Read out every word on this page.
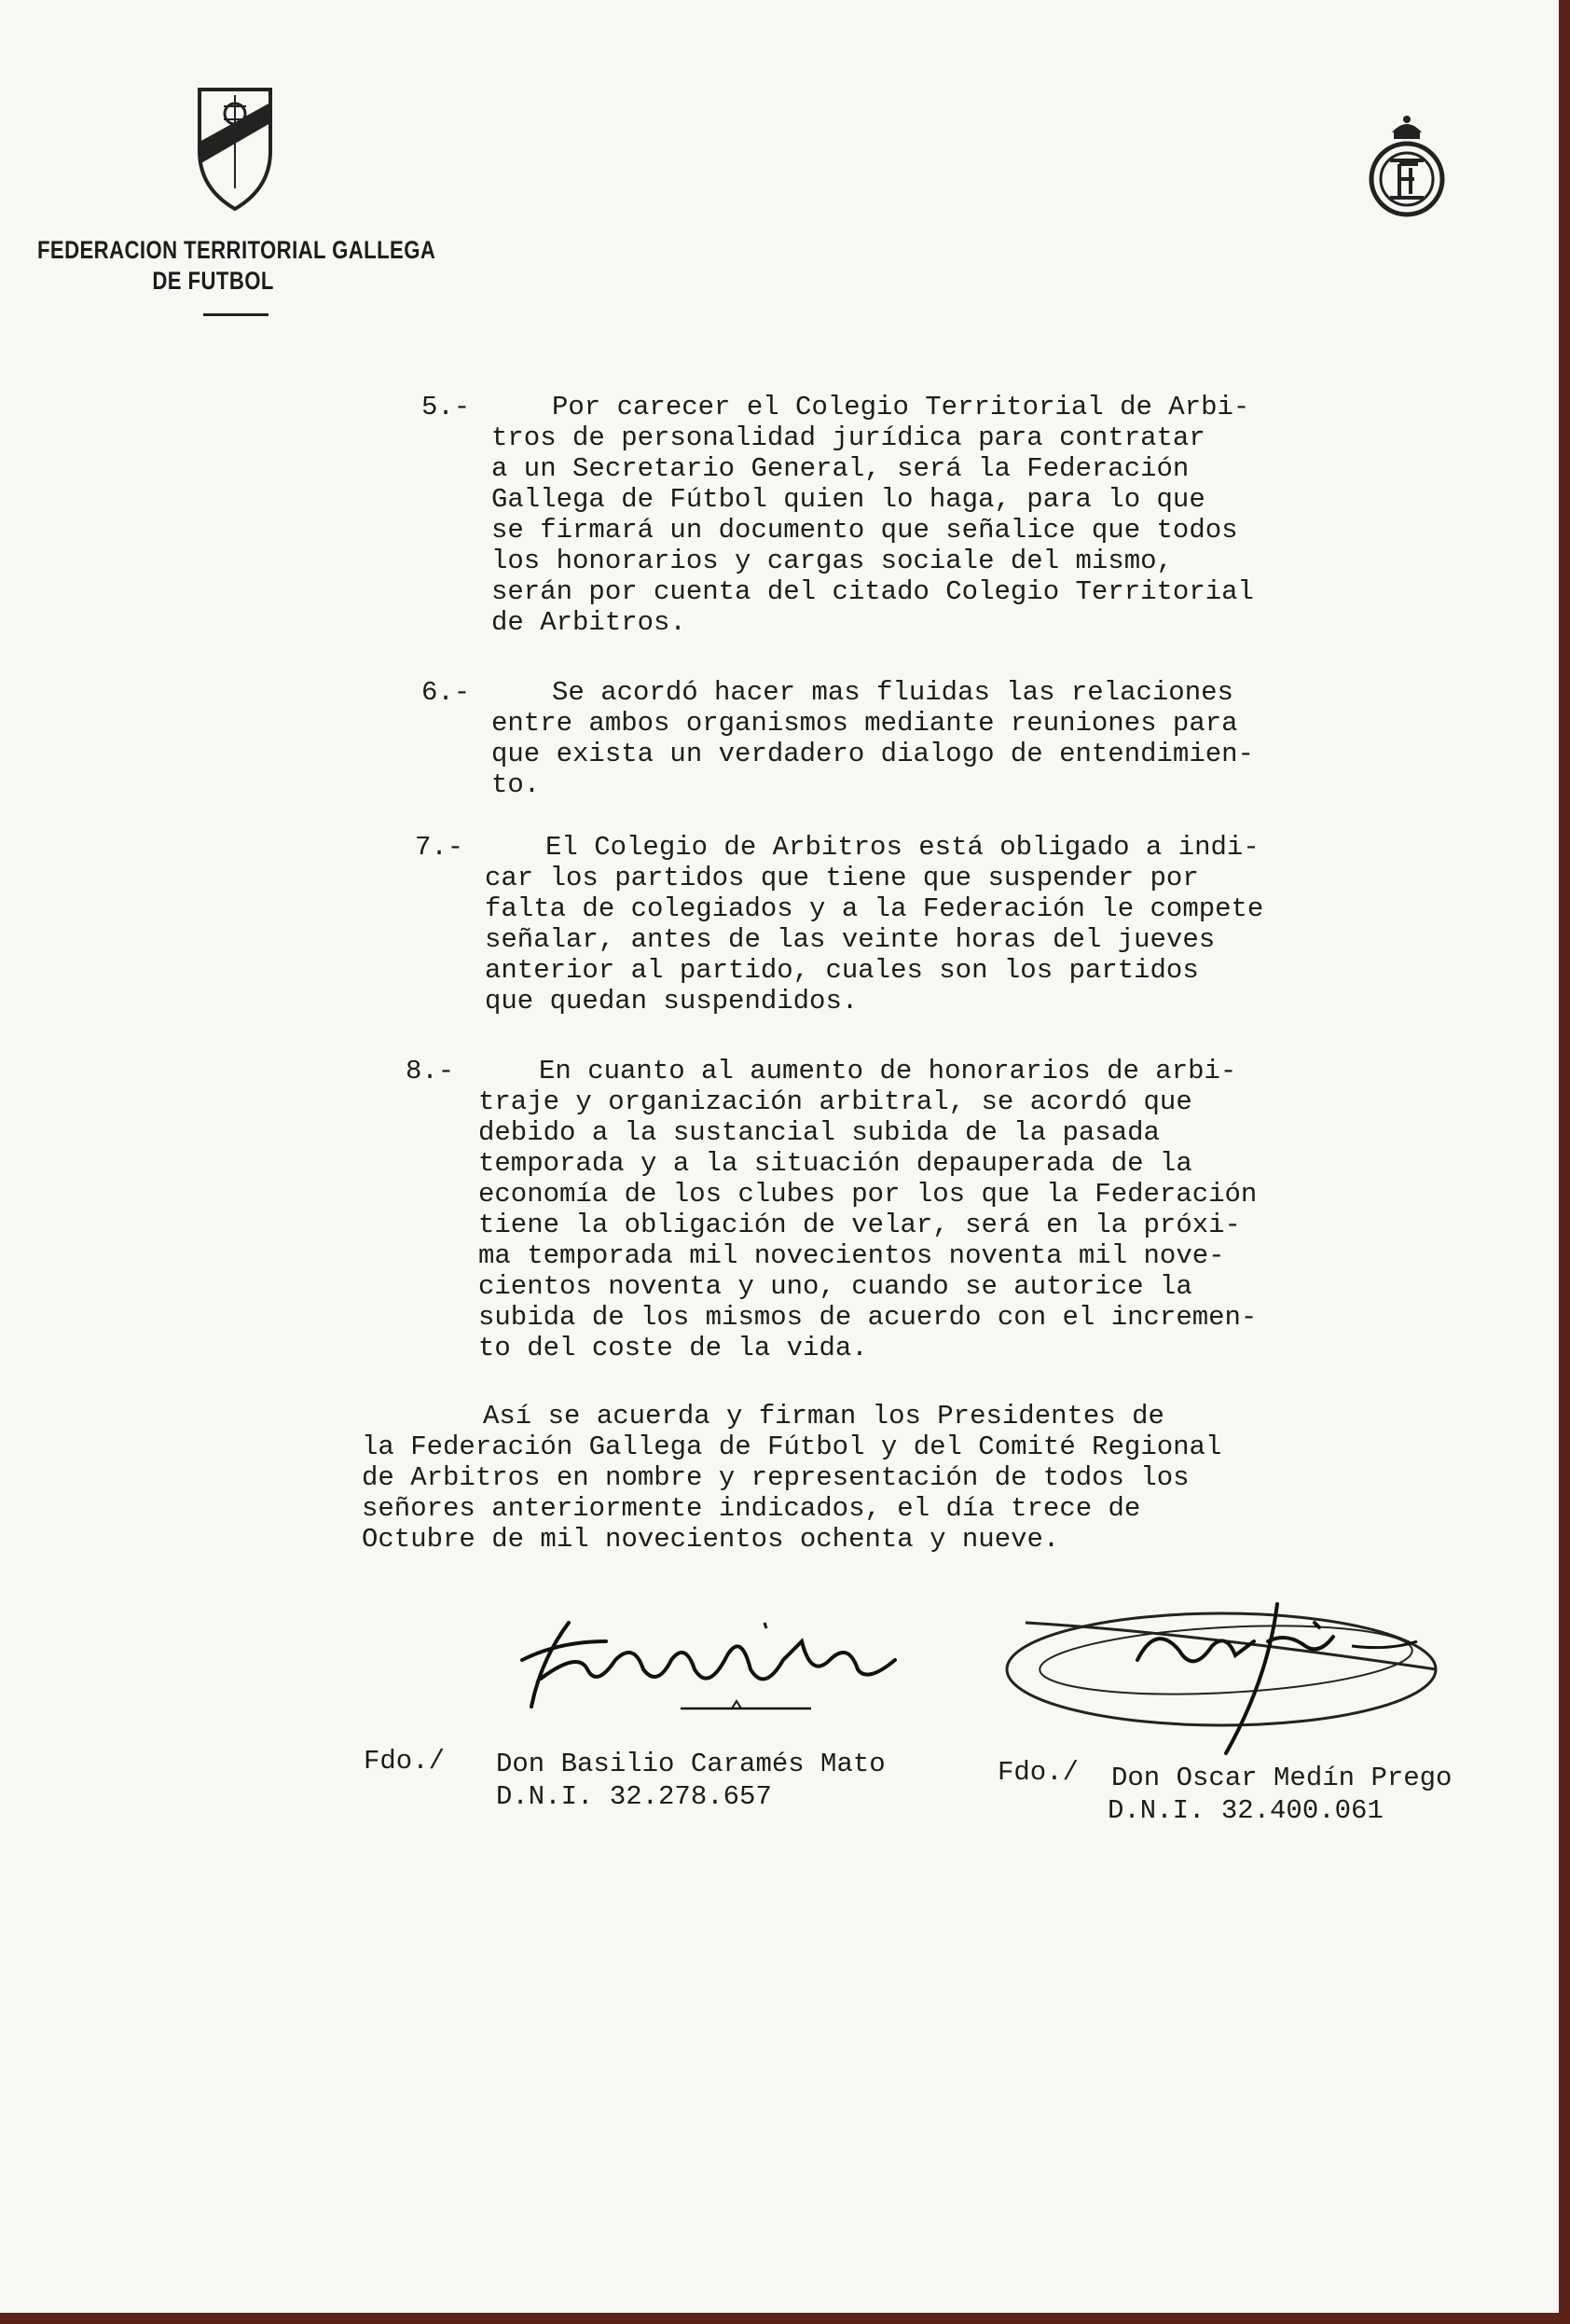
FEDERACION TERRITORIAL GALLEGA
DE FUTBOL
5.-	Por carecer el Colegio Territorial de Arbi-
tros de personalidad jurídica para contratar
a un Secretario General, será la Federación
Gallega de Fútbol quien lo haga, para lo que
se firmará un documento que señalice que todos
los honorarios y cargas sociale del mismo,
serán por cuenta del citado Colegio Territorial
de Arbitros.
6.-	Se acordó hacer mas fluidas las relaciones
entre ambos organismos mediante reuniones para
que exista un verdadero dialogo de entendimien-
to.
7.-	El Colegio de Arbitros está obligado a indi-
car los partidos que tiene que suspender por
falta de colegiados y a la Federación le compete
señalar, antes de las veinte horas del jueves
anterior al partido, cuales son los partidos
que quedan suspendidos.
8.-	En cuanto al aumento de honorarios de arbi-
traje y organización arbitral, se acordó que
debido a la sustancial subida de la pasada
temporada y a la situación depauperada de la
economía de los clubes por los que la Federación
tiene la obligación de velar, será en la próxi-
ma temporada mil novecientos noventa mil nove-
cientos noventa y uno, cuando se autorice la
subida de los mismos de acuerdo con el incremen-
to del coste de la vida.
Así se acuerda y firman los Presidentes de
la Federación Gallega de Fútbol y del Comité Regional
de Arbitros en nombre y representación de todos los
señores anteriormente indicados, el día trece de
Octubre de mil novecientos ochenta y nueve.
Fdo./ Don Basilio Caramés Mato
D.N.I. 32.278.657
Fdo./ Don Oscar Medín Prego
D.N.I. 32.400.061
